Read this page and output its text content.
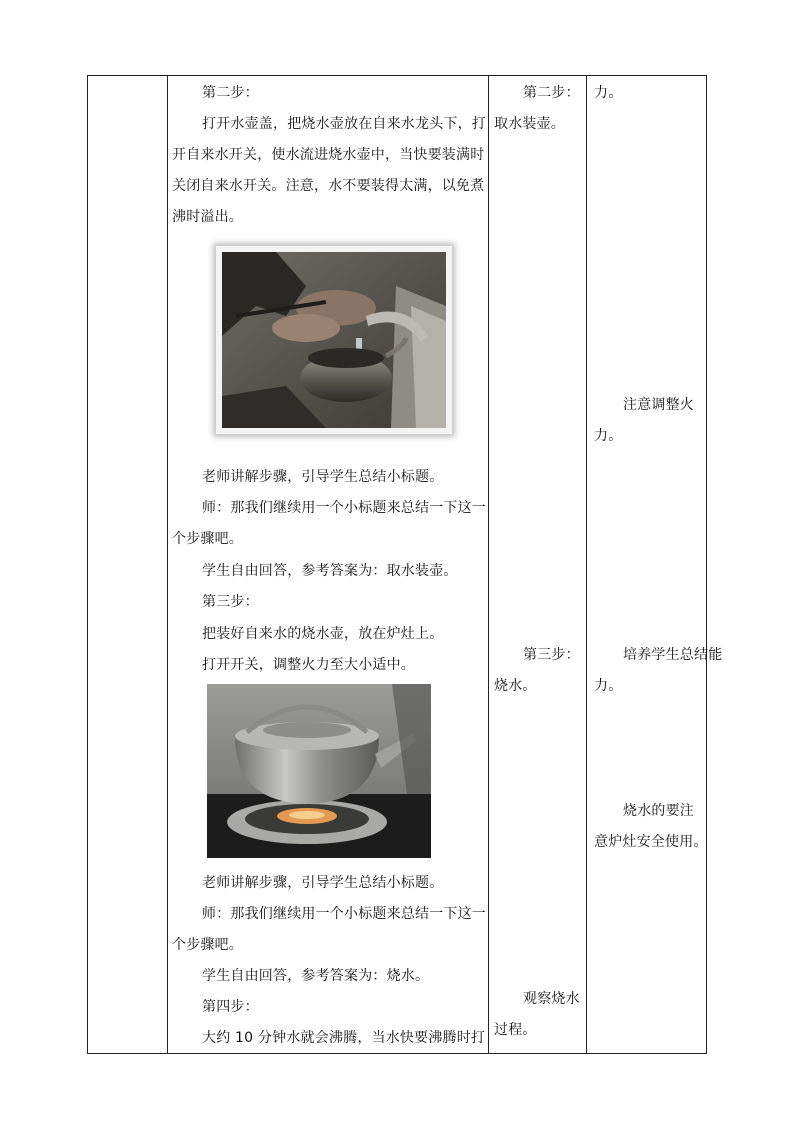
第二步：
打开水壶盖，把烧水壶放在自来水龙头下，打
开自来水开关，使水流进烧水壶中，当快要装满时
关闭自来水开关。注意，水不要装得太满，以免煮
沸时溢出。
老师讲解步骤，引导学生总结小标题。
师：那我们继续用一个小标题来总结一下这一
个步骤吧。
学生自由回答，参考答案为：取水装壶。
第三步：
把装好自来水的烧水壶，放在炉灶上。
打开开关，调整火力至大小适中。
老师讲解步骤，引导学生总结小标题。
师：那我们继续用一个小标题来总结一下这一
个步骤吧。
学生自由回答，参考答案为：烧水。
第四步：
大约 10 分钟水就会沸腾，当水快要沸腾时打
第二步：
取水装壶。
第三步：
烧水。
观察烧水
过程。
力。
注意调整火
力。
培养学生总结能
力。
烧水的要注
意炉灶安全使用。
